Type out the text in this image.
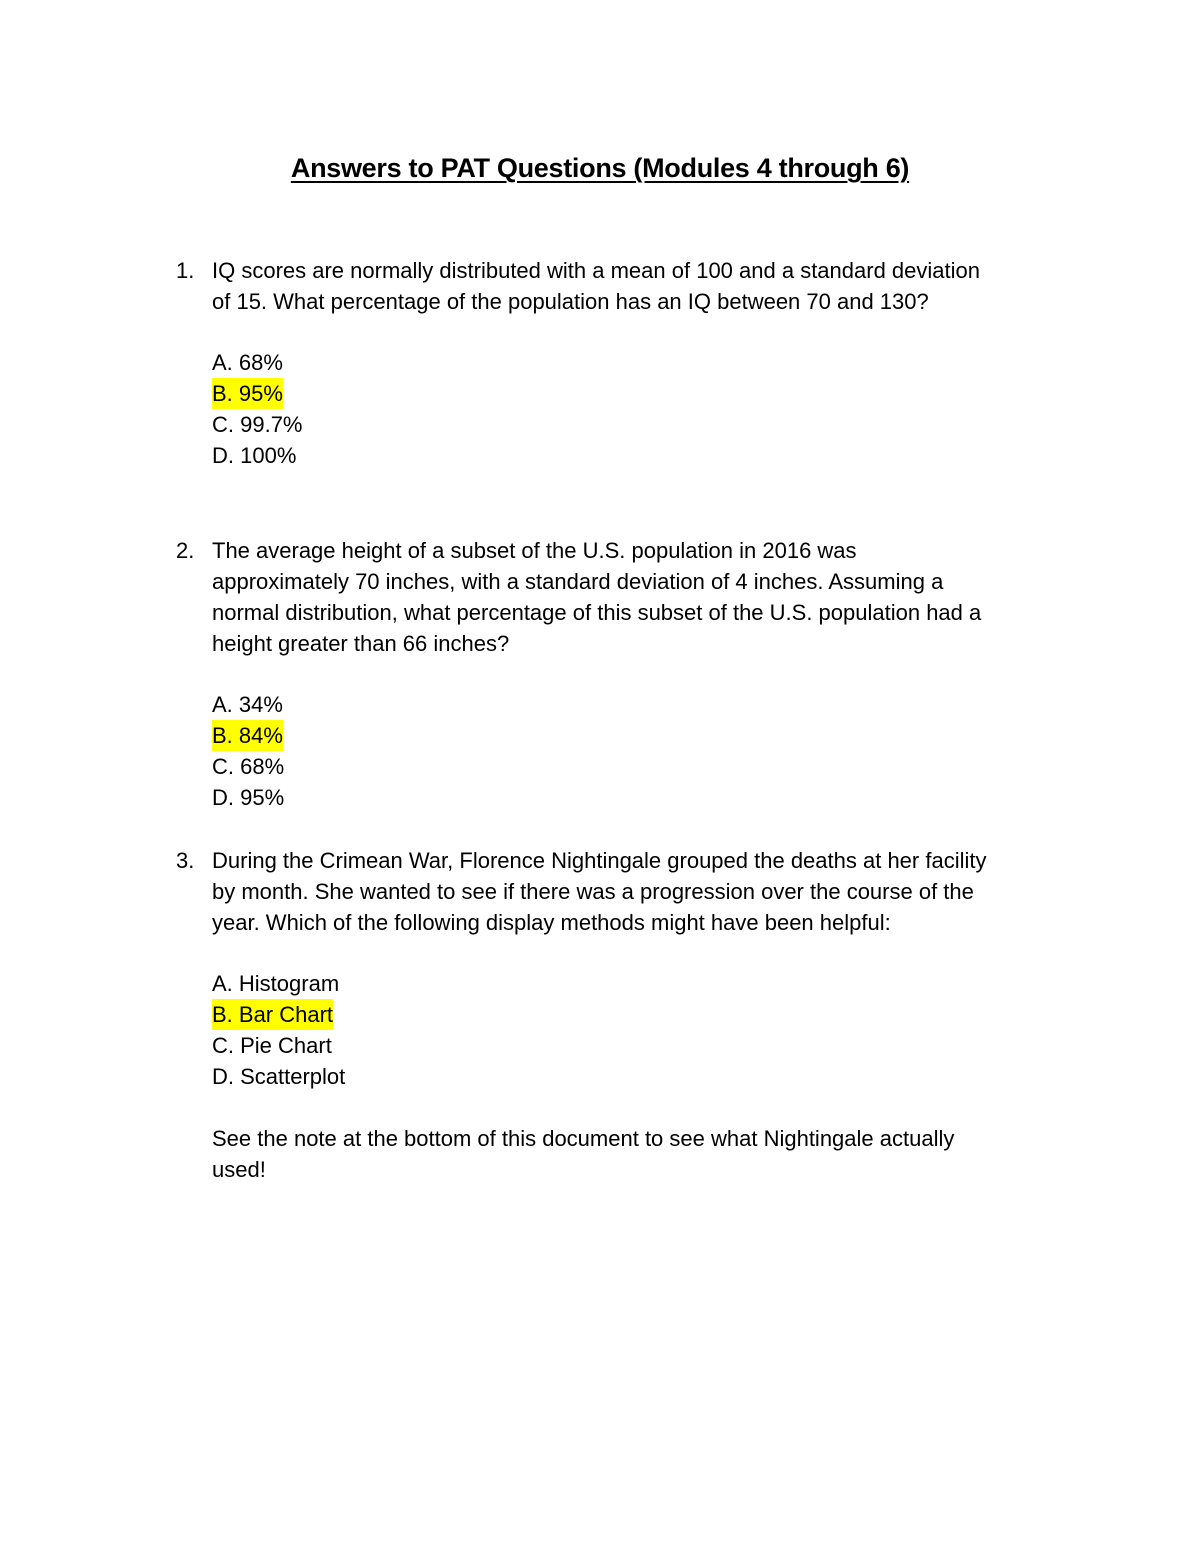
Answers to PAT Questions (Modules 4 through 6)
1. IQ scores are normally distributed with a mean of 100 and a standard deviation of 15. What percentage of the population has an IQ between 70 and 130?
A. 68%
B. 95%
C. 99.7%
D. 100%
2. The average height of a subset of the U.S. population in 2016 was approximately 70 inches, with a standard deviation of 4 inches. Assuming a normal distribution, what percentage of this subset of the U.S. population had a height greater than 66 inches?
A. 34%
B. 84%
C. 68%
D. 95%
3. During the Crimean War, Florence Nightingale grouped the deaths at her facility by month. She wanted to see if there was a progression over the course of the year. Which of the following display methods might have been helpful:
A. Histogram
B. Bar Chart
C. Pie Chart
D. Scatterplot
See the note at the bottom of this document to see what Nightingale actually used!
